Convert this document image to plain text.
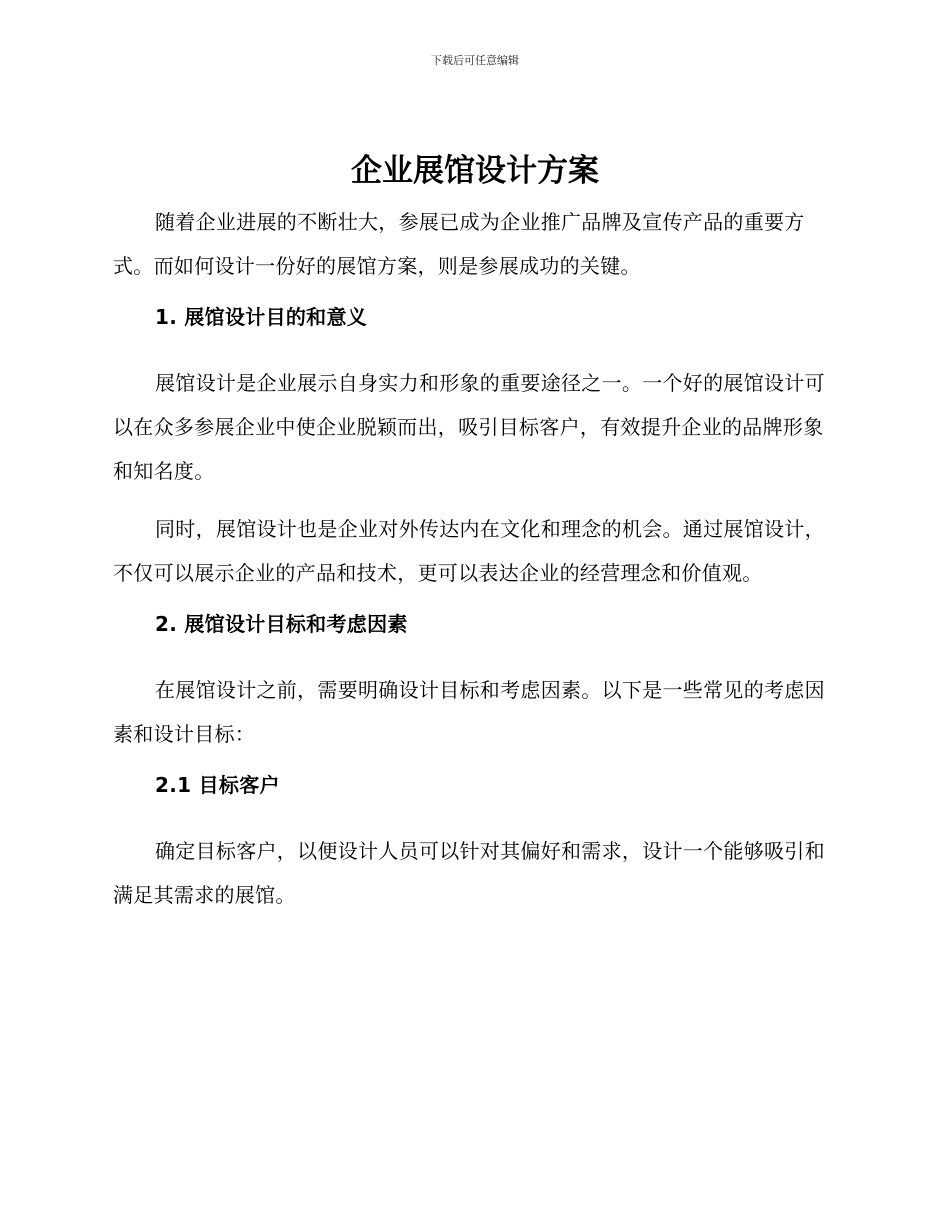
下载后可任意编辑
企业展馆设计方案

随着企业进展的不断壮大，参展已成为企业推广品牌及宣传产品的重要方式。而如何设计一份好的展馆方案，则是参展成功的关键。

1. 展馆设计目的和意义

展馆设计是企业展示自身实力和形象的重要途径之一。一个好的展馆设计可以在众多参展企业中使企业脱颖而出，吸引目标客户，有效提升企业的品牌形象和知名度。

同时，展馆设计也是企业对外传达内在文化和理念的机会。通过展馆设计，不仅可以展示企业的产品和技术，更可以表达企业的经营理念和价值观。

2. 展馆设计目标和考虑因素

在展馆设计之前，需要明确设计目标和考虑因素。以下是一些常见的考虑因素和设计目标：

2.1 目标客户

确定目标客户，以便设计人员可以针对其偏好和需求，设计一个能够吸引和满足其需求的展馆。
